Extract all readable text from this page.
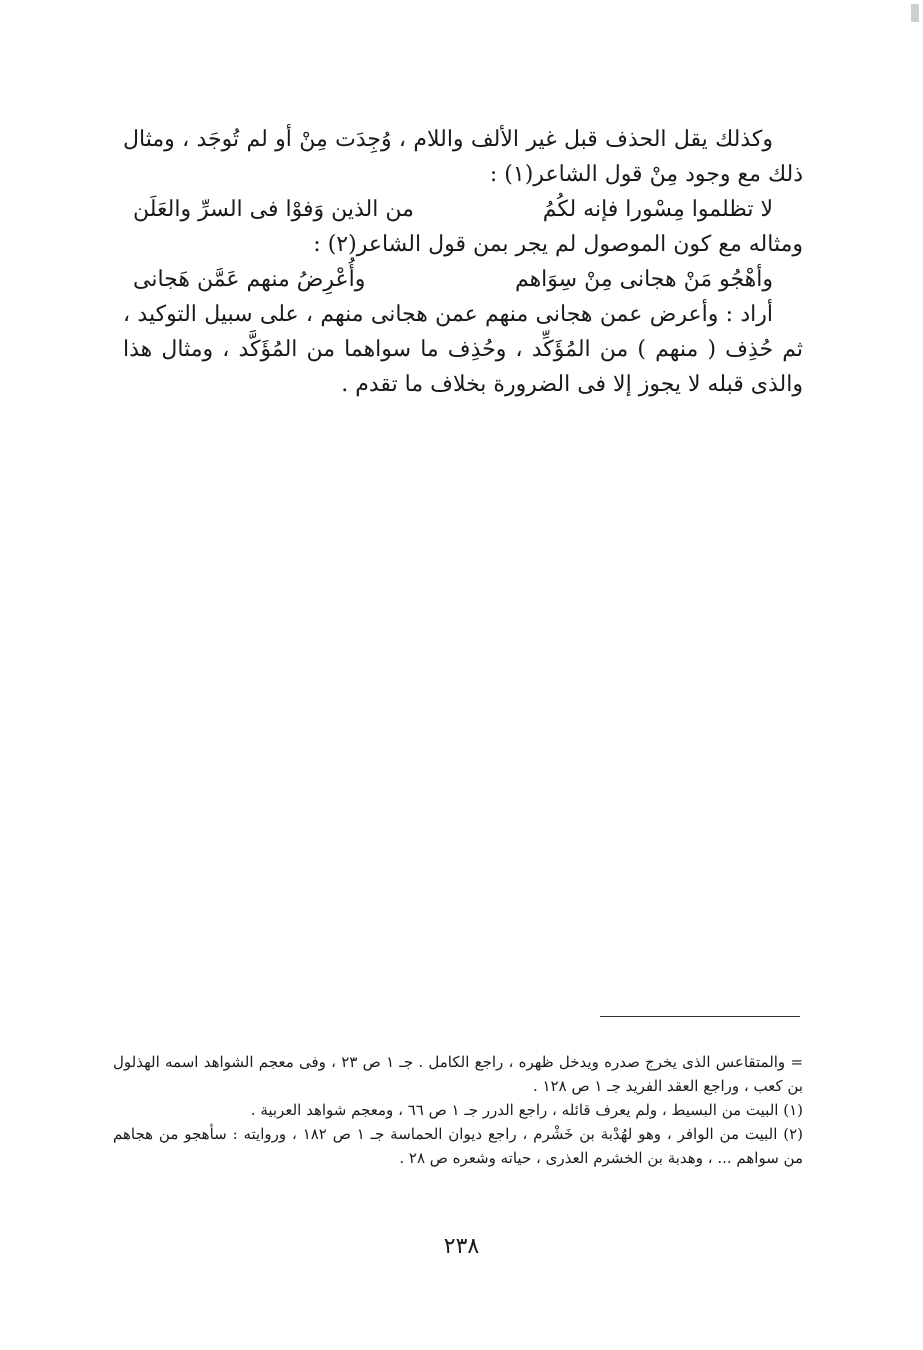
وكذلك يقل الحذف قبل غير الألف واللام ، وُجِدَت مِنْ أو لم تُوجَد ، ومثال ذلك مع وجود مِنْ قول الشاعر(١) :

لا تظلموا مِسْورا فإنه لكُمُ
من الذين وَفوْا فى السرِّ والعَلَن

ومثاله مع كون الموصول لم يجر بمن قول الشاعر(٢) :

وأهْجُو مَنْ هجانى مِنْ سِوَاهم
وأُعْرِضُ منهم عَمَّن هَجانى

أراد : وأعرض عمن هجانى منهم عمن هجانى منهم ، على سبيل التوكيد ، ثم حُذِف ( منهم ) من المُؤَكِّد ، وحُذِف ما سواهما من المُؤَكَّد ، ومثال هذا والذى قبله لا يجوز إلا فى الضرورة بخلاف ما تقدم .

= والمتقاعس الذى يخرج صدره ويدخل ظهره ، راجع الكامل . جـ ١ ص ٢٣ ، وفى معجم الشواهد اسمه الهذلول بن كعب ، وراجع العقد الفريد جـ ١ ص ١٢٨ .

(١) البيت من البسيط ، ولم يعرف قائله ، راجع الدرر جـ ١ ص ٦٦ ، ومعجم شواهد العربية .

(٢) البيت من الوافر ، وهو لهُدْبة بن خَشْرم ، راجع ديوان الحماسة جـ ١ ص ١٨٢ ، وروايته : سأهجو من هجاهم من سواهم ... ، وهدبة بن الخشرم العذرى ، حياته وشعره ص ٢٨ .

٢٣٨
